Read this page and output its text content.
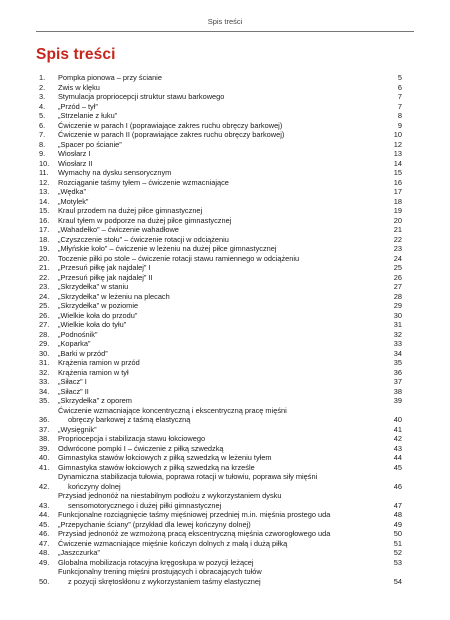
Spis treści
Spis treści
1.	Pompka pionowa – przy ścianie	5
2.	Zwis w klęku	6
3.	Stymulacja propriocepcji struktur stawu barkowego	7
4.	„Przód – tył”	7
5.	„Strzelanie z łuku”	8
6.	Ćwiczenie w parach I (poprawiające zakres ruchu obręczy barkowej)	9
7.	Ćwiczenie w parach II (poprawiające zakres ruchu obręczy barkowej)	10
8.	„Spacer po ścianie”	12
9.	Wiosłarz I	13
10.	Wiosłarz II	14
11.	Wymachy na dysku sensorycznym	15
12.	Rozciąganie taśmy tyłem – ćwiczenie wzmacniające	16
13.	„Wędka”	17
14.	„Motylek”	18
15.	Kraul przodem na dużej piłce gimnastycznej	19
16.	Kraul tyłem w podporze na dużej piłce gimnastycznej	20
17.	„Wahadełko” – ćwiczenie wahadłowe	21
18.	„Czyszczenie stołu” – ćwiczenie rotacji w odciążeniu	22
19.	„Młyńskie koło” – ćwiczenie w leżeniu na dużej piłce gimnastycznej	23
20.	Toczenie piłki po stole – ćwiczenie rotacji stawu ramiennego w odciążeniu	24
21.	„Przesuń piłkę jak najdalej” I	25
22.	„Przesuń piłkę jak najdalej” II	26
23.	„Skrzydełka” w staniu	27
24.	„Skrzydełka” w leżeniu na plecach	28
25.	„Skrzydełka” w poziomie	29
26.	„Wielkie koła do przodu”	30
27.	„Wielkie koła do tyłu”	31
28.	„Podnośnik”	32
29.	„Koparka”	33
30.	„Barki w przód”	34
31.	Krążenia ramion w przód	35
32.	Krążenia ramion w tył	36
33.	„Siłacz” I	37
34.	„Siłacz” II	38
35.	„Skrzydełka” z oporem	39
36.
Ćwiczenie wzmacniające koncentryczną i ekscentryczną pracę mięśni
obręczy barkowej z taśmą elastyczną	40
37.	„Wysięgnik”	41
38.	Propriocepcja i stabilizacja stawu łokciowego	42
39.	Odwrócone pompki I – ćwiczenie z piłką szwedzką	43
40.	Gimnastyka stawów łokciowych z piłką szwedzką w leżeniu tyłem	44
41.	Gimnastyka stawów łokciowych z piłką szwedzką na krześle	45
42.
Dynamiczna stabilizacja tułowia, poprawa rotacji w tułowiu, poprawa siły mięśni
kończyny dolnej	46
43.
Przysiad jednonóż na niestabilnym podłożu z wykorzystaniem dysku
sensomotorycznego i dużej piłki gimnastycznej	47
44.	Funkcjonalne rozciągnięcie taśmy mięśniowej przedniej m.in. mięśnia prostego uda	48
45.	„Przepychanie ściany” (przykład dla lewej kończyny dolnej)	49
46.	Przysiad jednonóż ze wzmożoną pracą ekscentryczną mięśnia czworogłowego uda	50
47.	Ćwiczenie wzmacniające mięśnie kończyn dolnych z małą i dużą piłką	51
48.	„Jaszczurka”	52
49.	Globalna mobilizacja rotacyjna kręgosłupa w pozycji leżącej	53
50.
Funkcjonalny trening mięśni prostujących i obracających tułów
z pozycji skrętoskłonu z wykorzystaniem taśmy elastycznej	54
